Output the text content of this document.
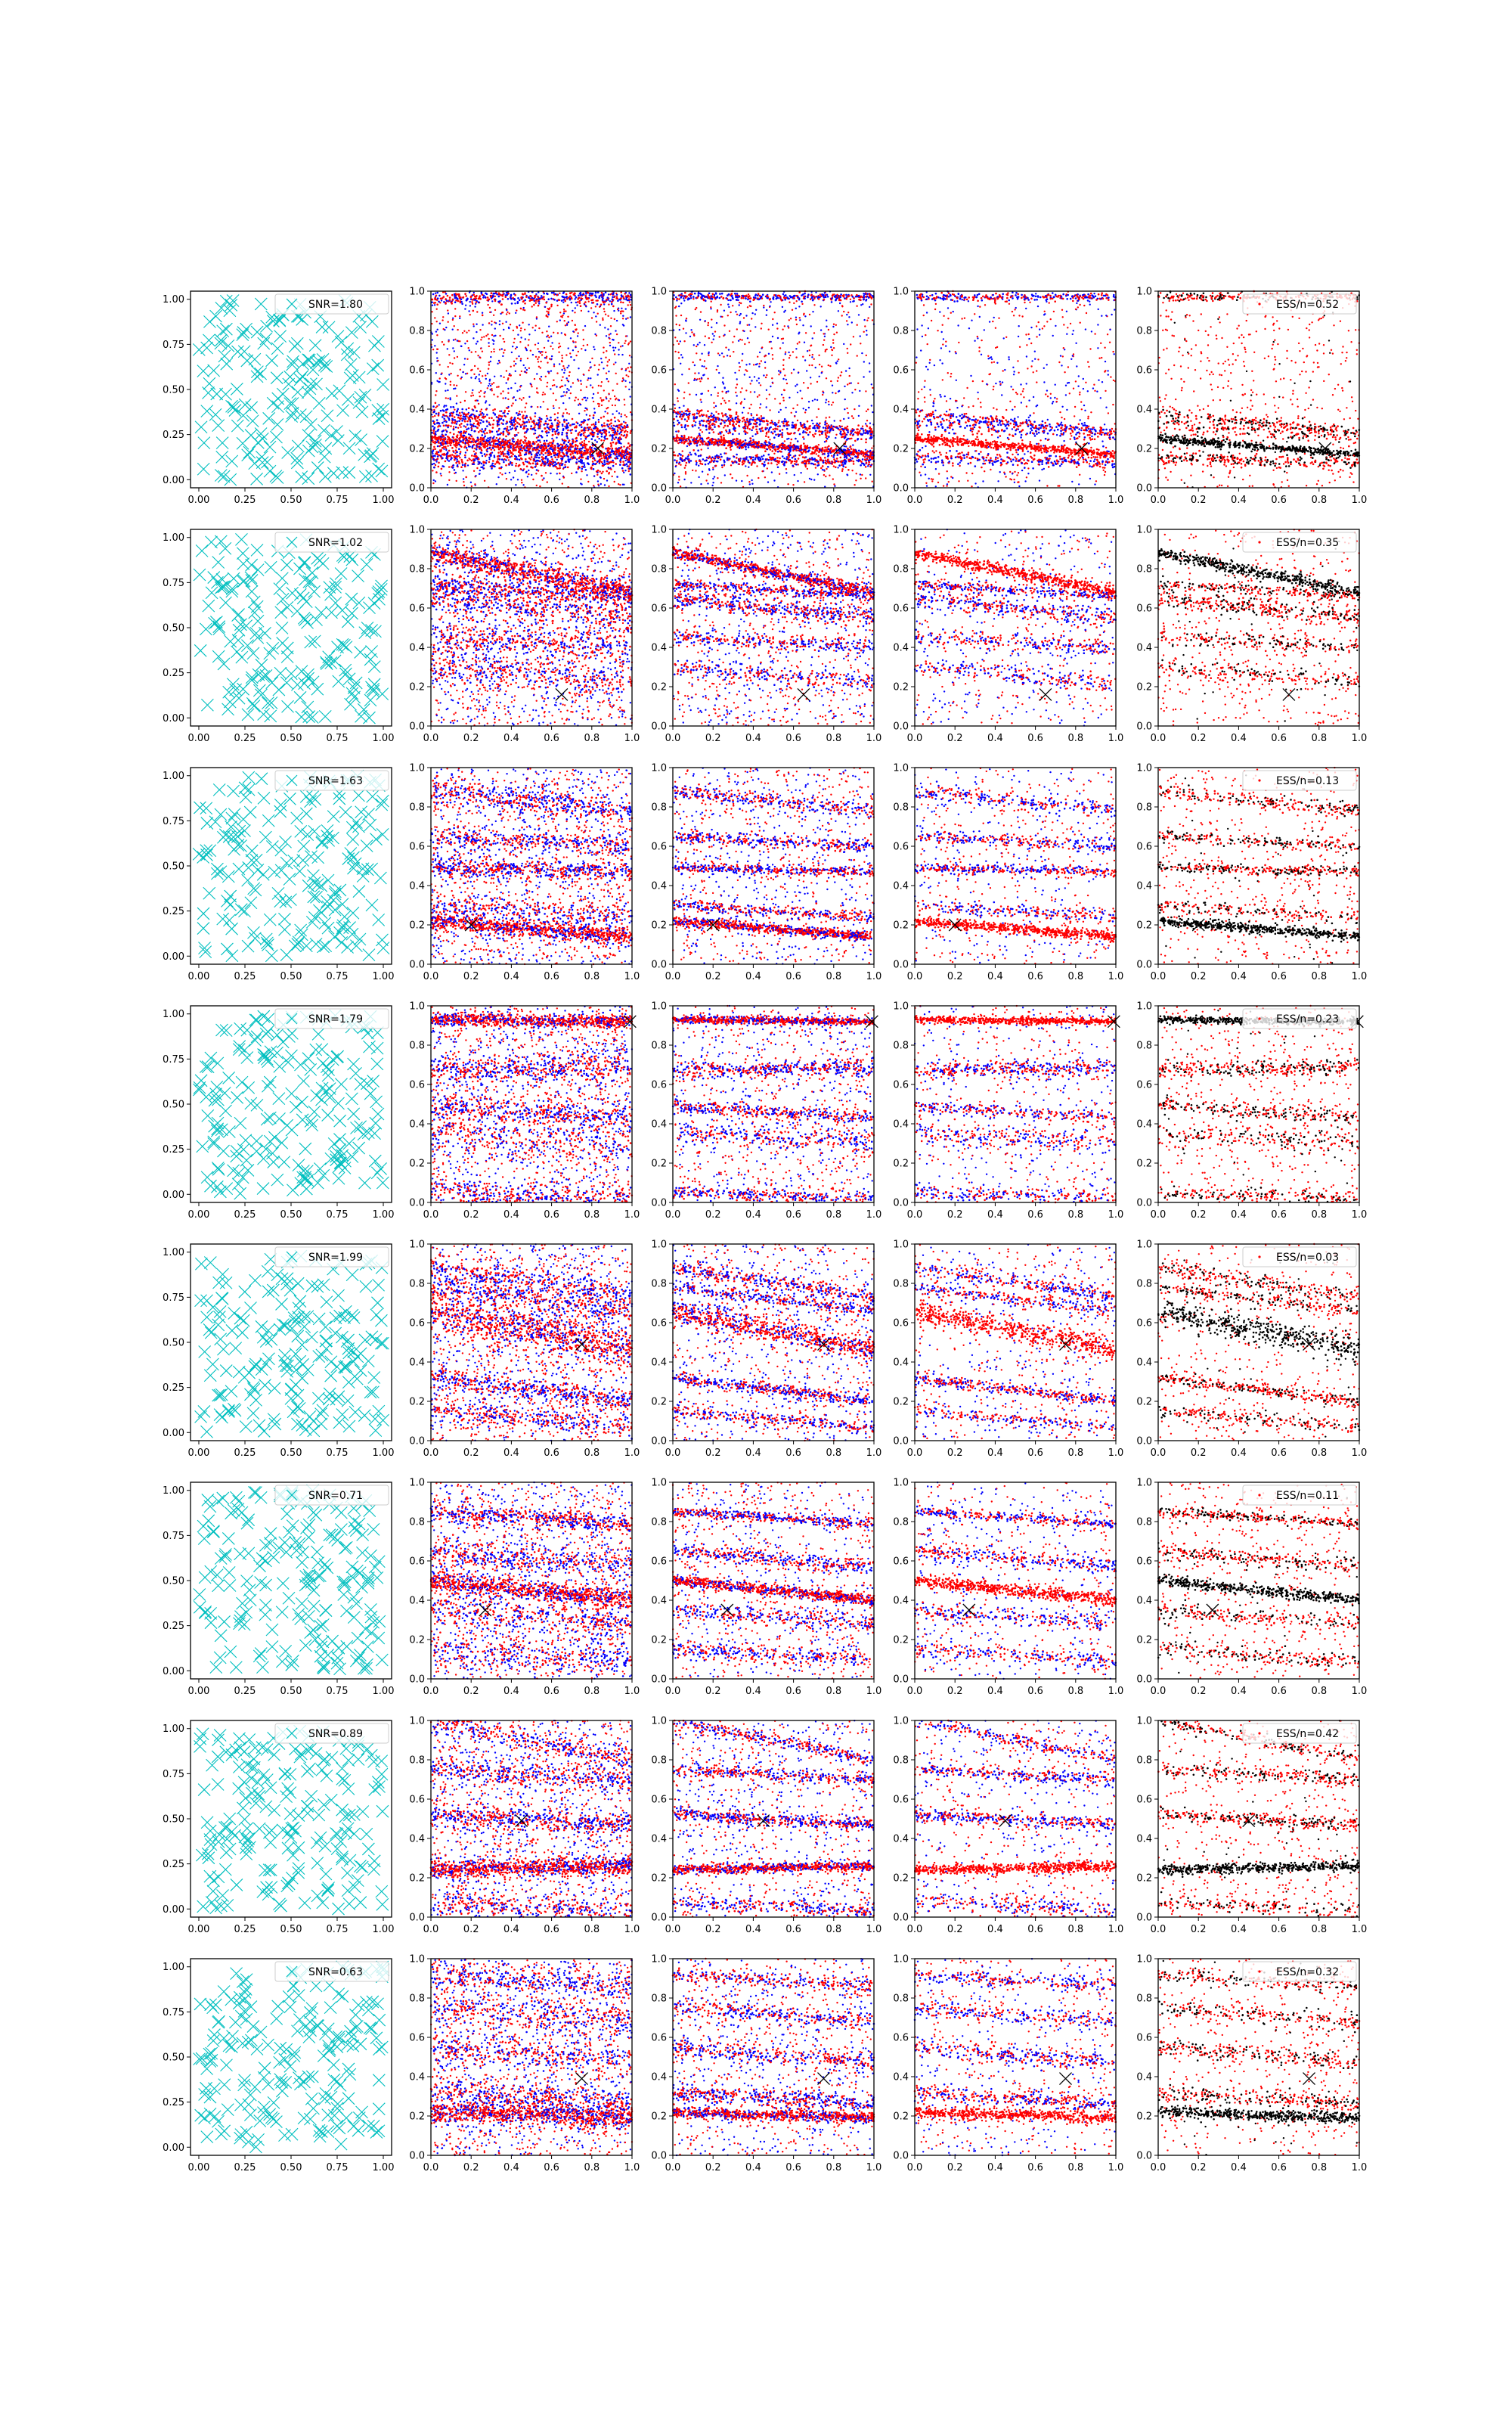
0.00
0.00
0.25
0.25
0.50
0.50
0.75
0.75
1.00
1.00	SNR=1.80
0.0
0.0
0.2
0.2
0.4
0.4
0.6
0.6
0.8
0.8
1.0
1.0
0.0
0.0
0.2
0.2
0.4
0.4
0.6
0.6
0.8
0.8
1.0
1.0
0.0
0.0
0.2
0.2
0.4
0.4
0.6
0.6
0.8
0.8
1.0
1.0
0.0
0.0
0.2
0.2
0.4
0.4
0.6
0.6
0.8
0.8
1.0
1.0
ESS/n=0.52
0.00
0.00
0.25
0.25
0.50
0.50
0.75
0.75
1.00
1.00	SNR=1.02
0.0
0.0
0.2
0.2
0.4
0.4
0.6
0.6
0.8
0.8
1.0
1.0
0.0
0.0
0.2
0.2
0.4
0.4
0.6
0.6
0.8
0.8
1.0
1.0
0.0
0.0
0.2
0.2
0.4
0.4
0.6
0.6
0.8
0.8
1.0
1.0
0.0
0.0
0.2
0.2
0.4
0.4
0.6
0.6
0.8
0.8
1.0
1.0
ESS/n=0.35
0.00
0.00
0.25
0.25
0.50
0.50
0.75
0.75
1.00
1.00	SNR=1.63
0.0
0.0
0.2
0.2
0.4
0.4
0.6
0.6
0.8
0.8
1.0
1.0
0.0
0.0
0.2
0.2
0.4
0.4
0.6
0.6
0.8
0.8
1.0
1.0
0.0
0.0
0.2
0.2
0.4
0.4
0.6
0.6
0.8
0.8
1.0
1.0
0.0
0.0
0.2
0.2
0.4
0.4
0.6
0.6
0.8
0.8
1.0
1.0
ESS/n=0.13
0.00
0.00
0.25
0.25
0.50
0.50
0.75
0.75
1.00
1.00	SNR=1.79
0.0
0.0
0.2
0.2
0.4
0.4
0.6
0.6
0.8
0.8
1.0
1.0
0.0
0.0
0.2
0.2
0.4
0.4
0.6
0.6
0.8
0.8
1.0
1.0
0.0
0.0
0.2
0.2
0.4
0.4
0.6
0.6
0.8
0.8
1.0
1.0
0.0
0.0
0.2
0.2
0.4
0.4
0.6
0.6
0.8
0.8
1.0
1.0
ESS/n=0.23
0.00
0.00
0.25
0.25
0.50
0.50
0.75
0.75
1.00
1.00	SNR=1.99
0.0
0.0
0.2
0.2
0.4
0.4
0.6
0.6
0.8
0.8
1.0
1.0
0.0
0.0
0.2
0.2
0.4
0.4
0.6
0.6
0.8
0.8
1.0
1.0
0.0
0.0
0.2
0.2
0.4
0.4
0.6
0.6
0.8
0.8
1.0
1.0
0.0
0.0
0.2
0.2
0.4
0.4
0.6
0.6
0.8
0.8
1.0
1.0
ESS/n=0.03
0.00
0.00
0.25
0.25
0.50
0.50
0.75
0.75
1.00
1.00	SNR=0.71
0.0
0.0
0.2
0.2
0.4
0.4
0.6
0.6
0.8
0.8
1.0
1.0
0.0
0.0
0.2
0.2
0.4
0.4
0.6
0.6
0.8
0.8
1.0
1.0
0.0
0.0
0.2
0.2
0.4
0.4
0.6
0.6
0.8
0.8
1.0
1.0
0.0
0.0
0.2
0.2
0.4
0.4
0.6
0.6
0.8
0.8
1.0
1.0
ESS/n=0.11
0.00
0.00
0.25
0.25
0.50
0.50
0.75
0.75
1.00
1.00	SNR=0.89
0.0
0.0
0.2
0.2
0.4
0.4
0.6
0.6
0.8
0.8
1.0
1.0
0.0
0.0
0.2
0.2
0.4
0.4
0.6
0.6
0.8
0.8
1.0
1.0
0.0
0.0
0.2
0.2
0.4
0.4
0.6
0.6
0.8
0.8
1.0
1.0
0.0
0.0
0.2
0.2
0.4
0.4
0.6
0.6
0.8
0.8
1.0
1.0
ESS/n=0.42
0.00
0.00
0.25
0.25
0.50
0.50
0.75
0.75
1.00
1.00	SNR=0.63
0.0
0.0
0.2
0.2
0.4
0.4
0.6
0.6
0.8
0.8
1.0
1.0
0.0
0.0
0.2
0.2
0.4
0.4
0.6
0.6
0.8
0.8
1.0
1.0
0.0
0.0
0.2
0.2
0.4
0.4
0.6
0.6
0.8
0.8
1.0
1.0
0.0
0.0
0.2
0.2
0.4
0.4
0.6
0.6
0.8
0.8
1.0
1.0
ESS/n=0.32
